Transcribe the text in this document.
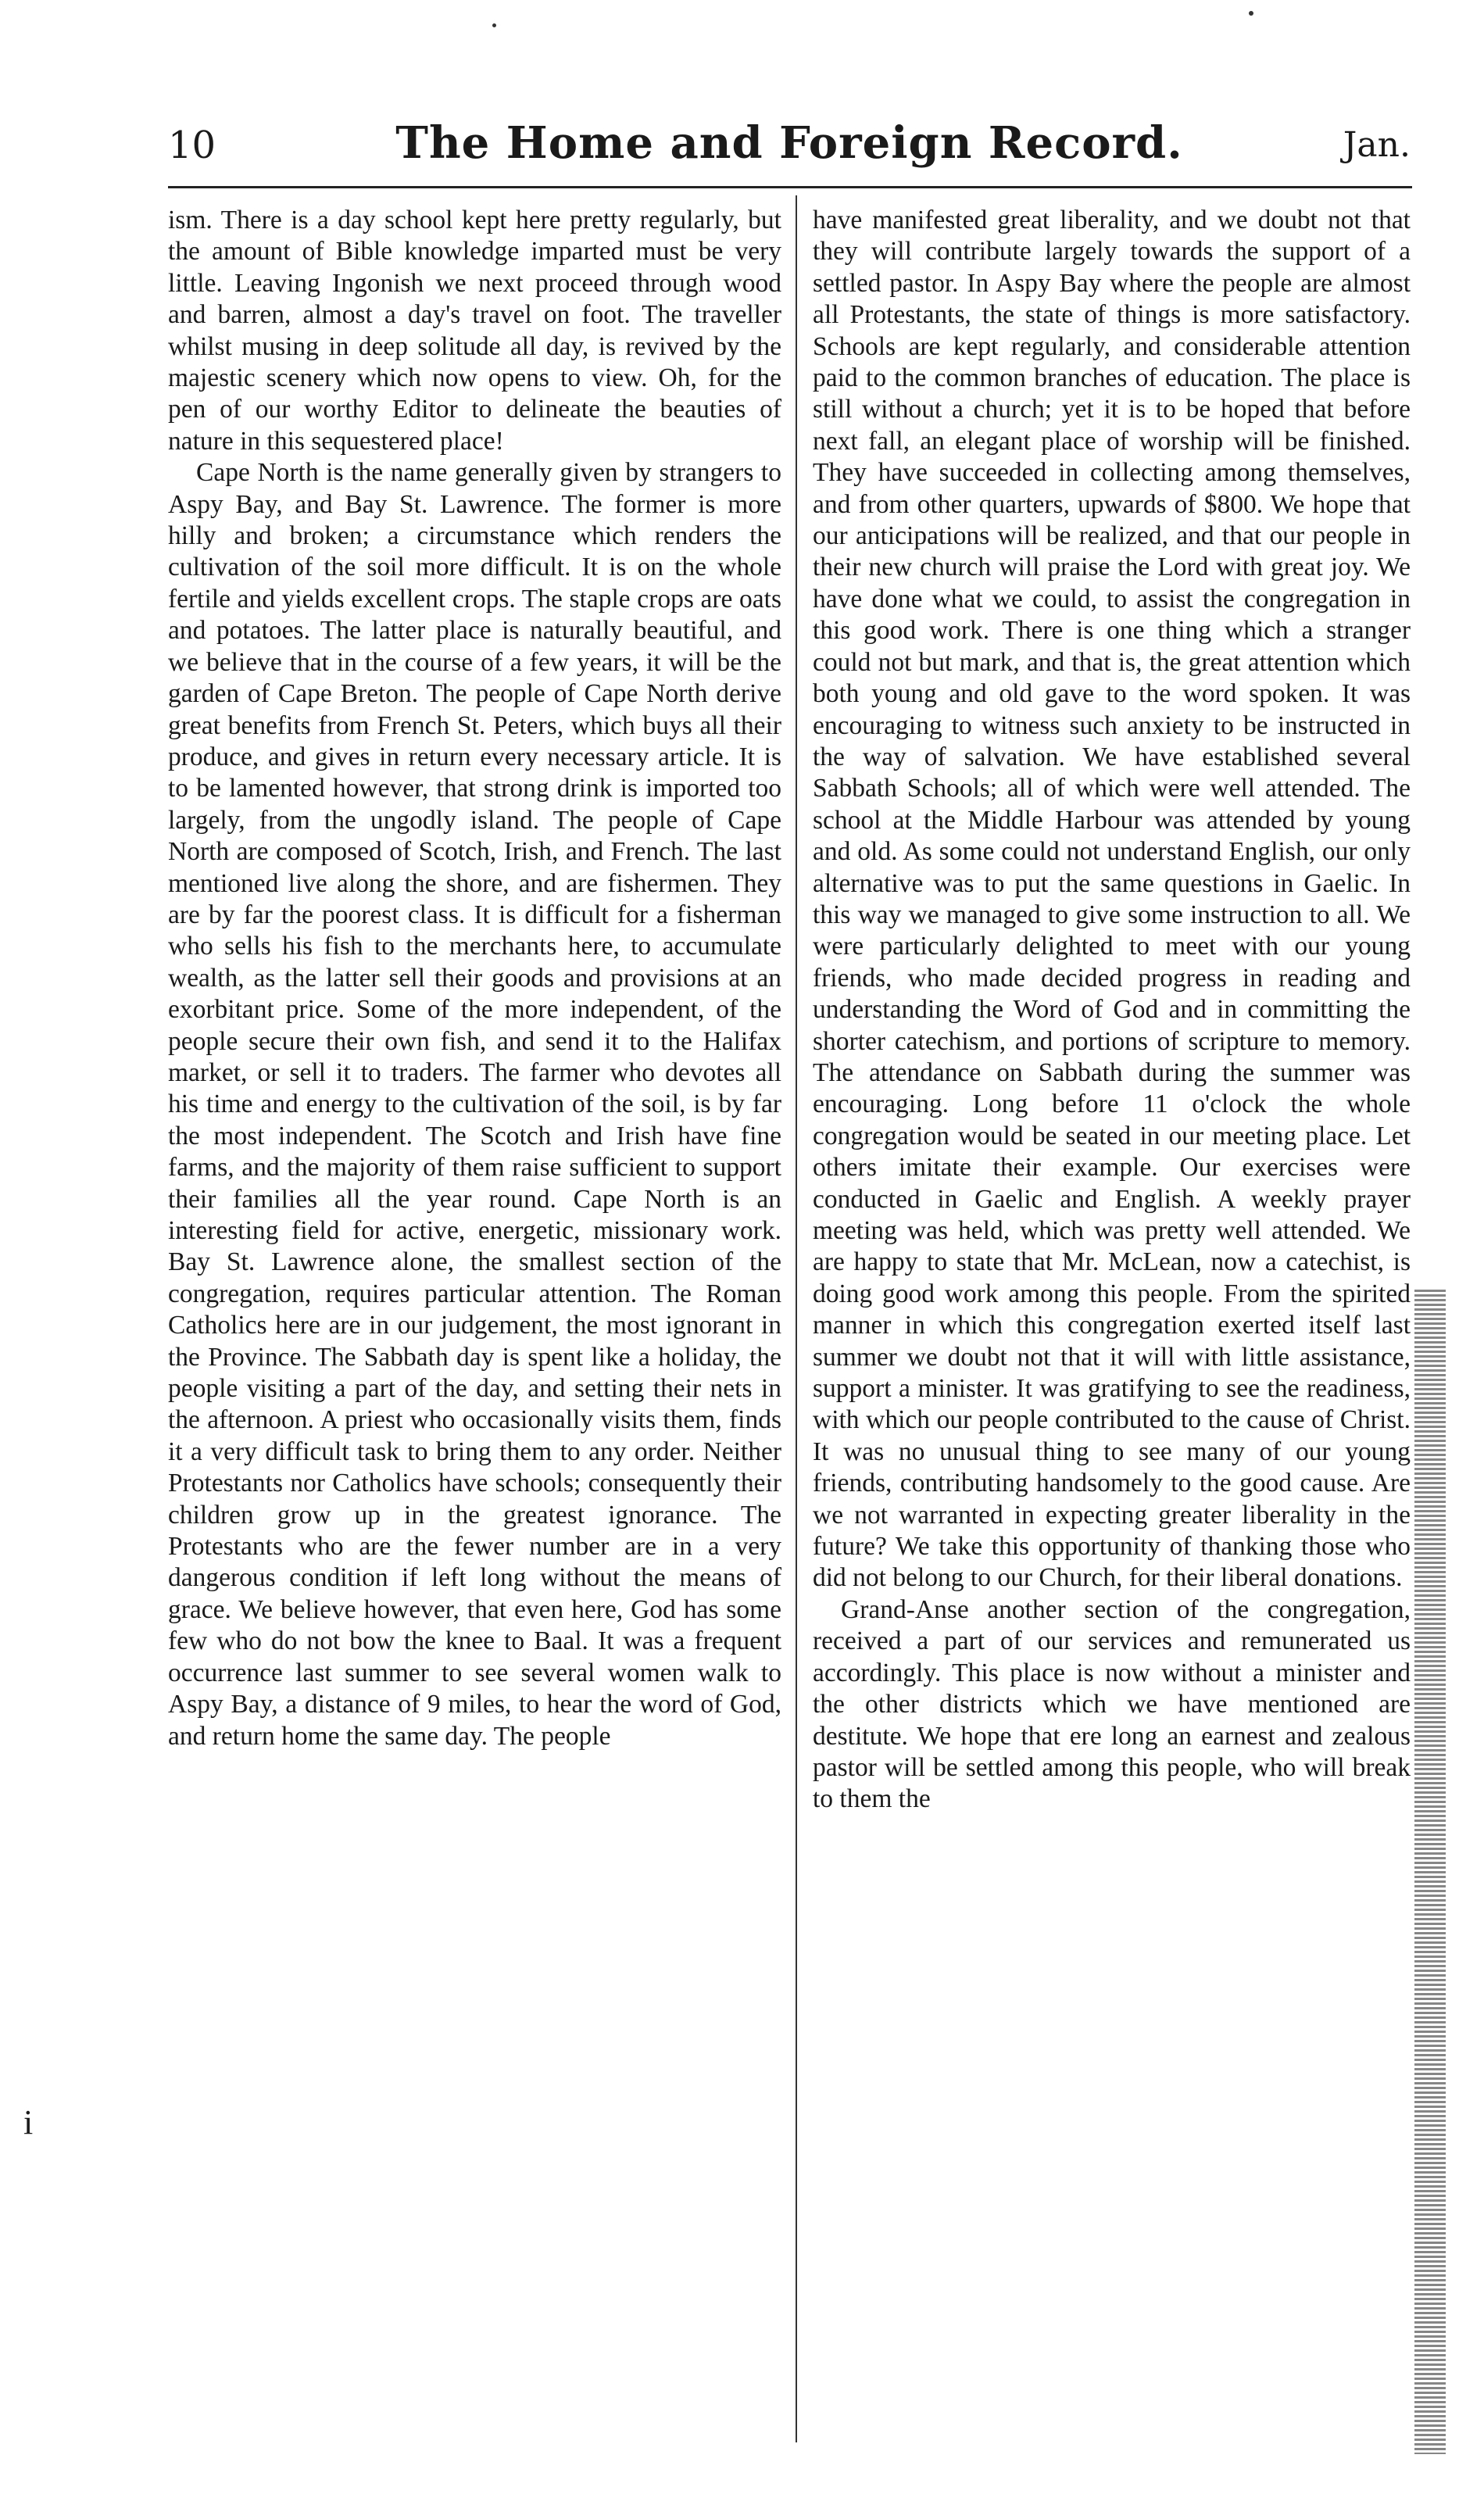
10	The Home and Foreign Record.	Jan.

ism. There is a day school kept here pretty regularly, but the amount of Bible knowledge imparted must be very little. Leaving Ingonish we next proceed through wood and barren, almost a day's travel on foot. The traveller whilst musing in deep solitude all day, is revived by the majestic scenery which now opens to view. Oh, for the pen of our worthy Editor to delineate the beauties of nature in this sequestered place!

Cape North is the name generally given by strangers to Aspy Bay, and Bay St. Lawrence. The former is more hilly and broken; a circumstance which renders the cultivation of the soil more difficult. It is on the whole fertile and yields excellent crops. The staple crops are oats and potatoes. The latter place is naturally beautiful, and we believe that in the course of a few years, it will be the garden of Cape Breton. The people of Cape North derive great benefits from French St. Peters, which buys all their produce, and gives in return every necessary article. It is to be lamented however, that strong drink is imported too largely, from the ungodly island. The people of Cape North are composed of Scotch, Irish, and French. The last mentioned live along the shore, and are fishermen. They are by far the poorest class. It is difficult for a fisherman who sells his fish to the merchants here, to accumulate wealth, as the latter sell their goods and provisions at an exorbitant price. Some of the more independent, of the people secure their own fish, and send it to the Halifax market, or sell it to traders. The farmer who devotes all his time and energy to the cultivation of the soil, is by far the most independent. The Scotch and Irish have fine farms, and the majority of them raise sufficient to support their families all the year round. Cape North is an interesting field for active, energetic, missionary work. Bay St. Lawrence alone, the smallest section of the congregation, requires particular attention. The Roman Catholics here are in our judgement, the most ignorant in the Province. The Sabbath day is spent like a holiday, the people visiting a part of the day, and setting their nets in the afternoon. A priest who occasionally visits them, finds it a very difficult task to bring them to any order. Neither Protestants nor Catholics have schools; consequently their children grow up in the greatest ignorance. The Protestants who are the fewer number are in a very dangerous condition if left long without the means of grace. We believe however, that even here, God has some few who do not bow the knee to Baal. It was a frequent occurrence last summer to see several women walk to Aspy Bay, a distance of 9 miles, to hear the word of God, and return home the same day. The people

have manifested great liberality, and we doubt not that they will contribute largely towards the support of a settled pastor. In Aspy Bay where the people are almost all Protestants, the state of things is more satisfactory. Schools are kept regularly, and considerable attention paid to the common branches of education. The place is still without a church; yet it is to be hoped that before next fall, an elegant place of worship will be finished. They have succeeded in collecting among themselves, and from other quarters, upwards of $800. We hope that our anticipations will be realized, and that our people in their new church will praise the Lord with great joy. We have done what we could, to assist the congregation in this good work. There is one thing which a stranger could not but mark, and that is, the great attention which both young and old gave to the word spoken. It was encouraging to witness such anxiety to be instructed in the way of salvation. We have established several Sabbath Schools; all of which were well attended. The school at the Middle Harbour was attended by young and old. As some could not understand English, our only alternative was to put the same questions in Gaelic. In this way we managed to give some instruction to all. We were particularly delighted to meet with our young friends, who made decided progress in reading and understanding the Word of God and in committing the shorter catechism, and portions of scripture to memory. The attendance on Sabbath during the summer was encouraging. Long before 11 o'clock the whole congregation would be seated in our meeting place. Let others imitate their example. Our exercises were conducted in Gaelic and English. A weekly prayer meeting was held, which was pretty well attended. We are happy to state that Mr. McLean, now a catechist, is doing good work among this people. From the spirited manner in which this congregation exerted itself last summer we doubt not that it will with little assistance, support a minister. It was gratifying to see the readiness, with which our people contributed to the cause of Christ. It was no unusual thing to see many of our young friends, contributing handsomely to the good cause. Are we not warranted in expecting greater liberality in the future? We take this opportunity of thanking those who did not belong to our Church, for their liberal donations.

Grand-Anse another section of the congregation, received a part of our services and remunerated us accordingly. This place is now without a minister and the other districts which we have mentioned are destitute. We hope that ere long an earnest and zealous pastor will be settled among this people, who will break to them the

i
